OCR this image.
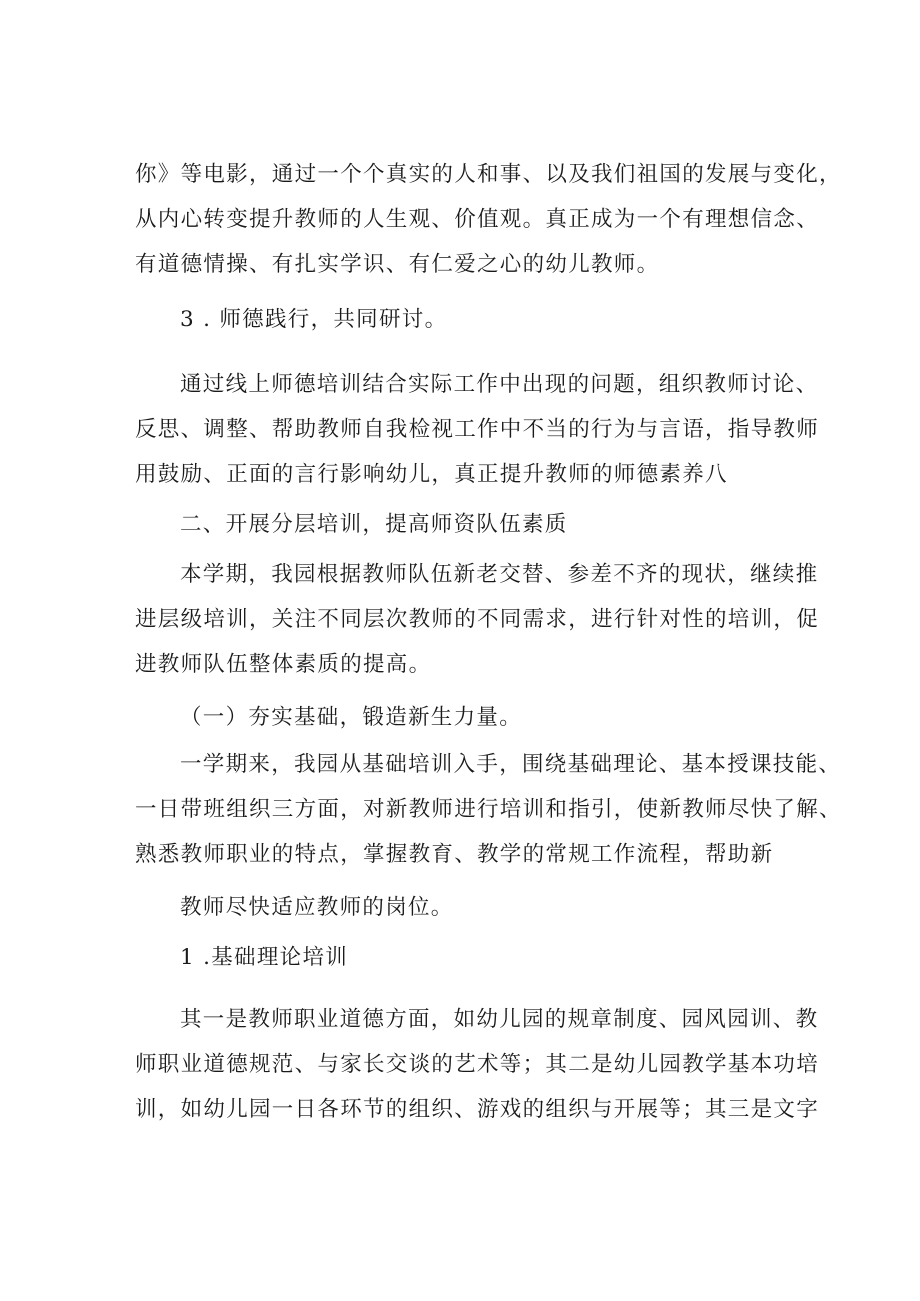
你》等电影，通过一个个真实的人和事、以及我们祖国的发展与变化，

从内心转变提升教师的人生观、价值观。真正成为一个有理想信念、

有道德情操、有扎实学识、有仁爱之心的幼儿教师。

3 . 师德践行，共同研讨。

通过线上师德培训结合实际工作中出现的问题，组织教师讨论、

反思、调整、帮助教师自我检视工作中不当的行为与言语，指导教师

用鼓励、正面的言行影响幼儿，真正提升教师的师德素养八

二、开展分层培训，提高师资队伍素质

本学期，我园根据教师队伍新老交替、参差不齐的现状，继续推

进层级培训，关注不同层次教师的不同需求，进行针对性的培训，促

进教师队伍整体素质的提高。

（一）夯实基础，锻造新生力量。

一学期来，我园从基础培训入手，围绕基础理论、基本授课技能、

一日带班组织三方面，对新教师进行培训和指引，使新教师尽快了解、

熟悉教师职业的特点，掌握教育、教学的常规工作流程，帮助新

教师尽快适应教师的岗位。

1 .基础理论培训

其一是教师职业道德方面，如幼儿园的规章制度、园风园训、教

师职业道德规范、与家长交谈的艺术等；其二是幼儿园教学基本功培

训，如幼儿园一日各环节的组织、游戏的组织与开展等；其三是文字
